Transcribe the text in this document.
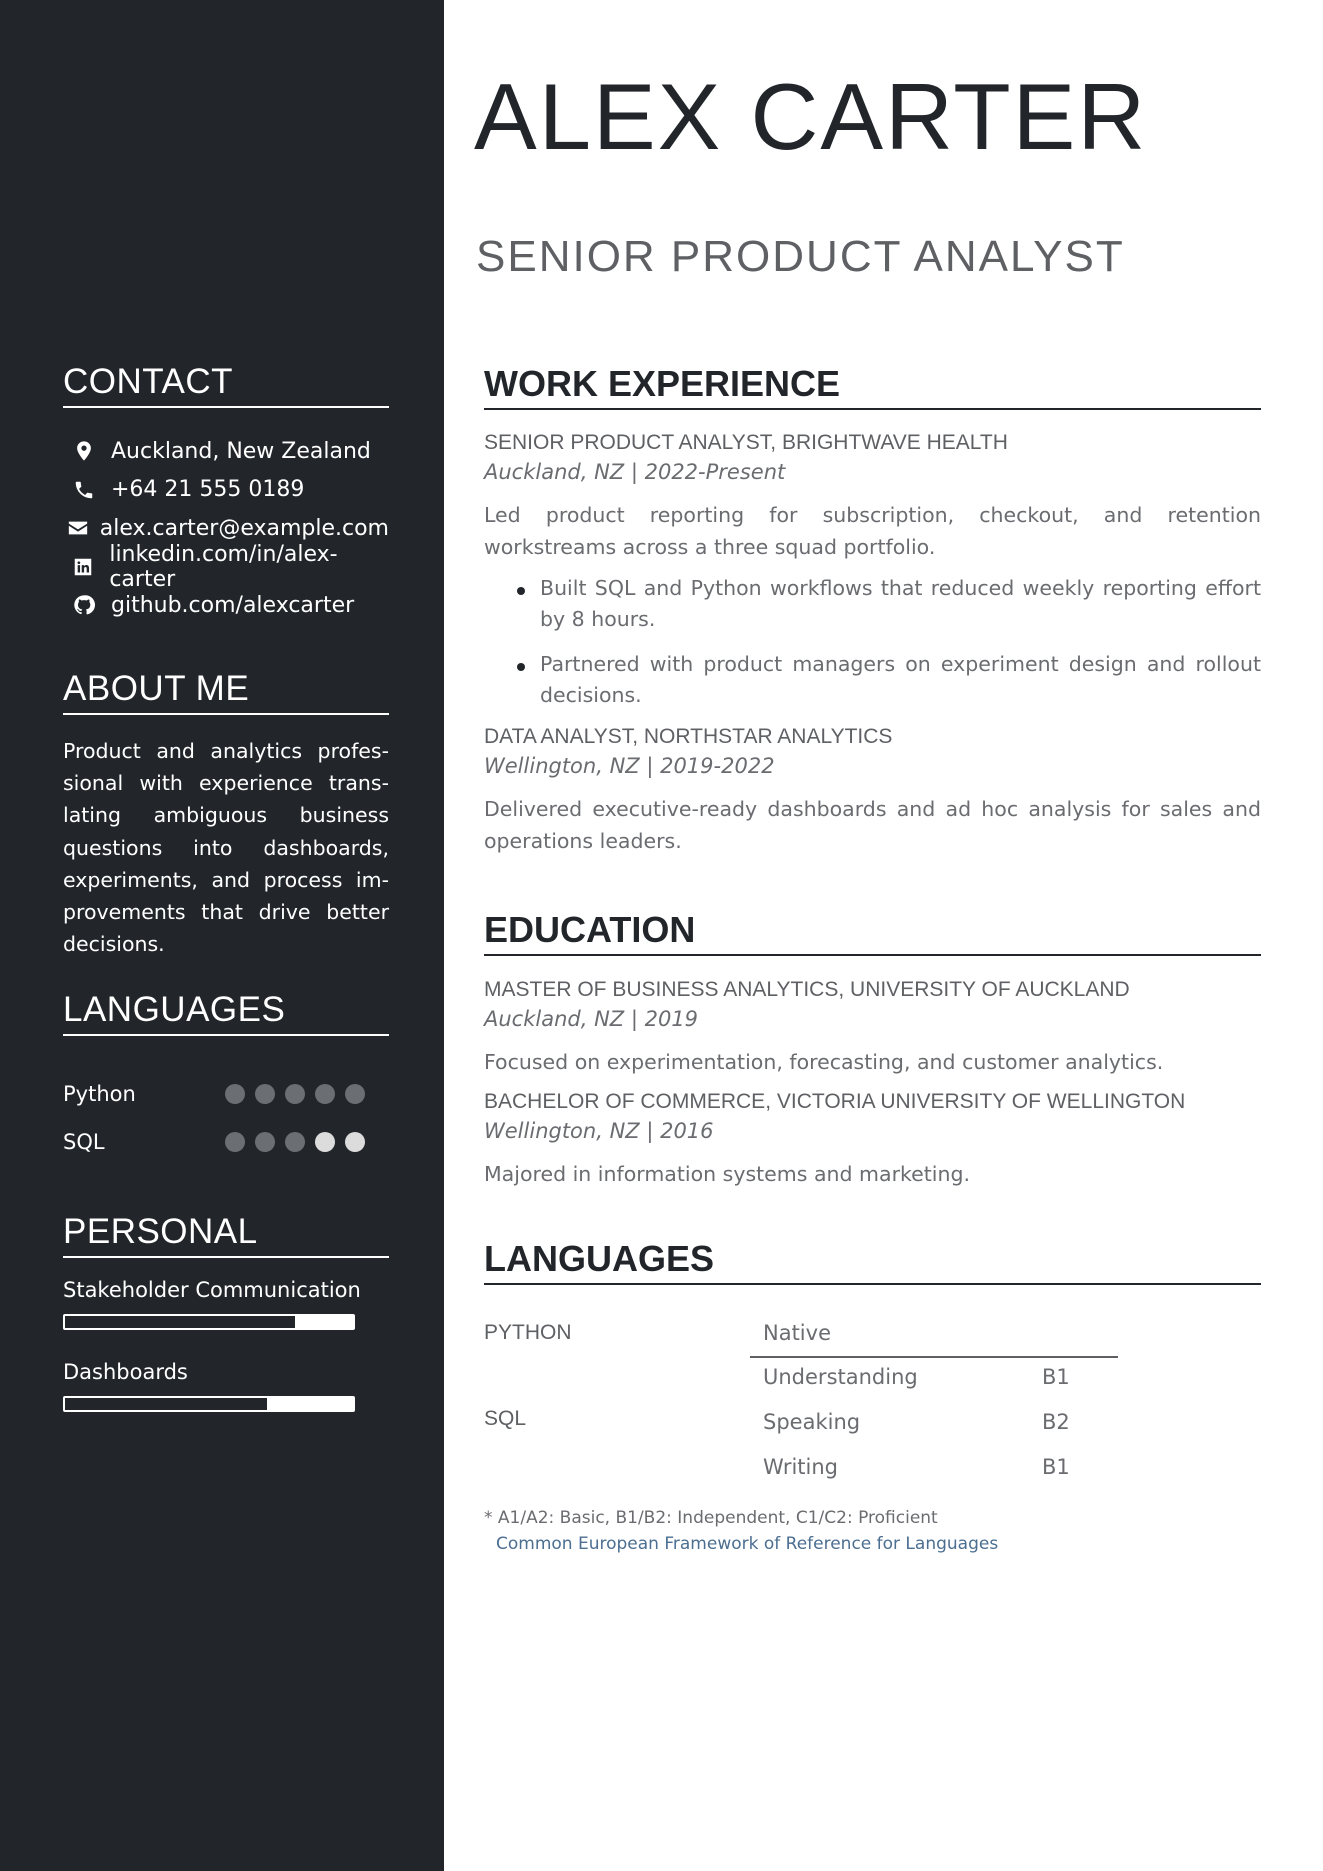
CONTACT
Auckland, New Zealand
+64 21 555 0189
alex.carter@example.com
linkedin.com/in/alex-carter
github.com/alexcarter
ABOUT ME

Product and analytics professional with experience translating ambiguous business questions into dashboards, experiments, and process improvements that drive better decisions.

LANGUAGES
Python
SQL
PERSONAL
Stakeholder Communication
Dashboards
ALEX CARTER
SENIOR PRODUCT ANALYST
WORK EXPERIENCE
SENIOR PRODUCT ANALYST, BRIGHTWAVE HEALTH
Auckland, NZ | 2022-Present

Led product reporting for subscription, checkout, and retention workstreams across a three squad portfolio.

Built SQL and Python workflows that reduced weekly reporting effort by 8 hours.
Partnered with product managers on experiment design and rollout decisions.
DATA ANALYST, NORTHSTAR ANALYTICS
Wellington, NZ | 2019-2022

Delivered executive-ready dashboards and ad hoc analysis for sales and operations leaders.

EDUCATION
MASTER OF BUSINESS ANALYTICS, UNIVERSITY OF AUCKLAND
Auckland, NZ | 2019

Focused on experimentation, forecasting, and customer analytics.

BACHELOR OF COMMERCE, VICTORIA UNIVERSITY OF WELLINGTON
Wellington, NZ | 2016

Majored in information systems and marketing.

LANGUAGES
PYTHON	Native
SQL
Understanding	B1
Speaking	B2
Writing	B1
* A1/A2: Basic, B1/B2: Independent, C1/C2: Proficient
Common European Framework of Reference for Languages
